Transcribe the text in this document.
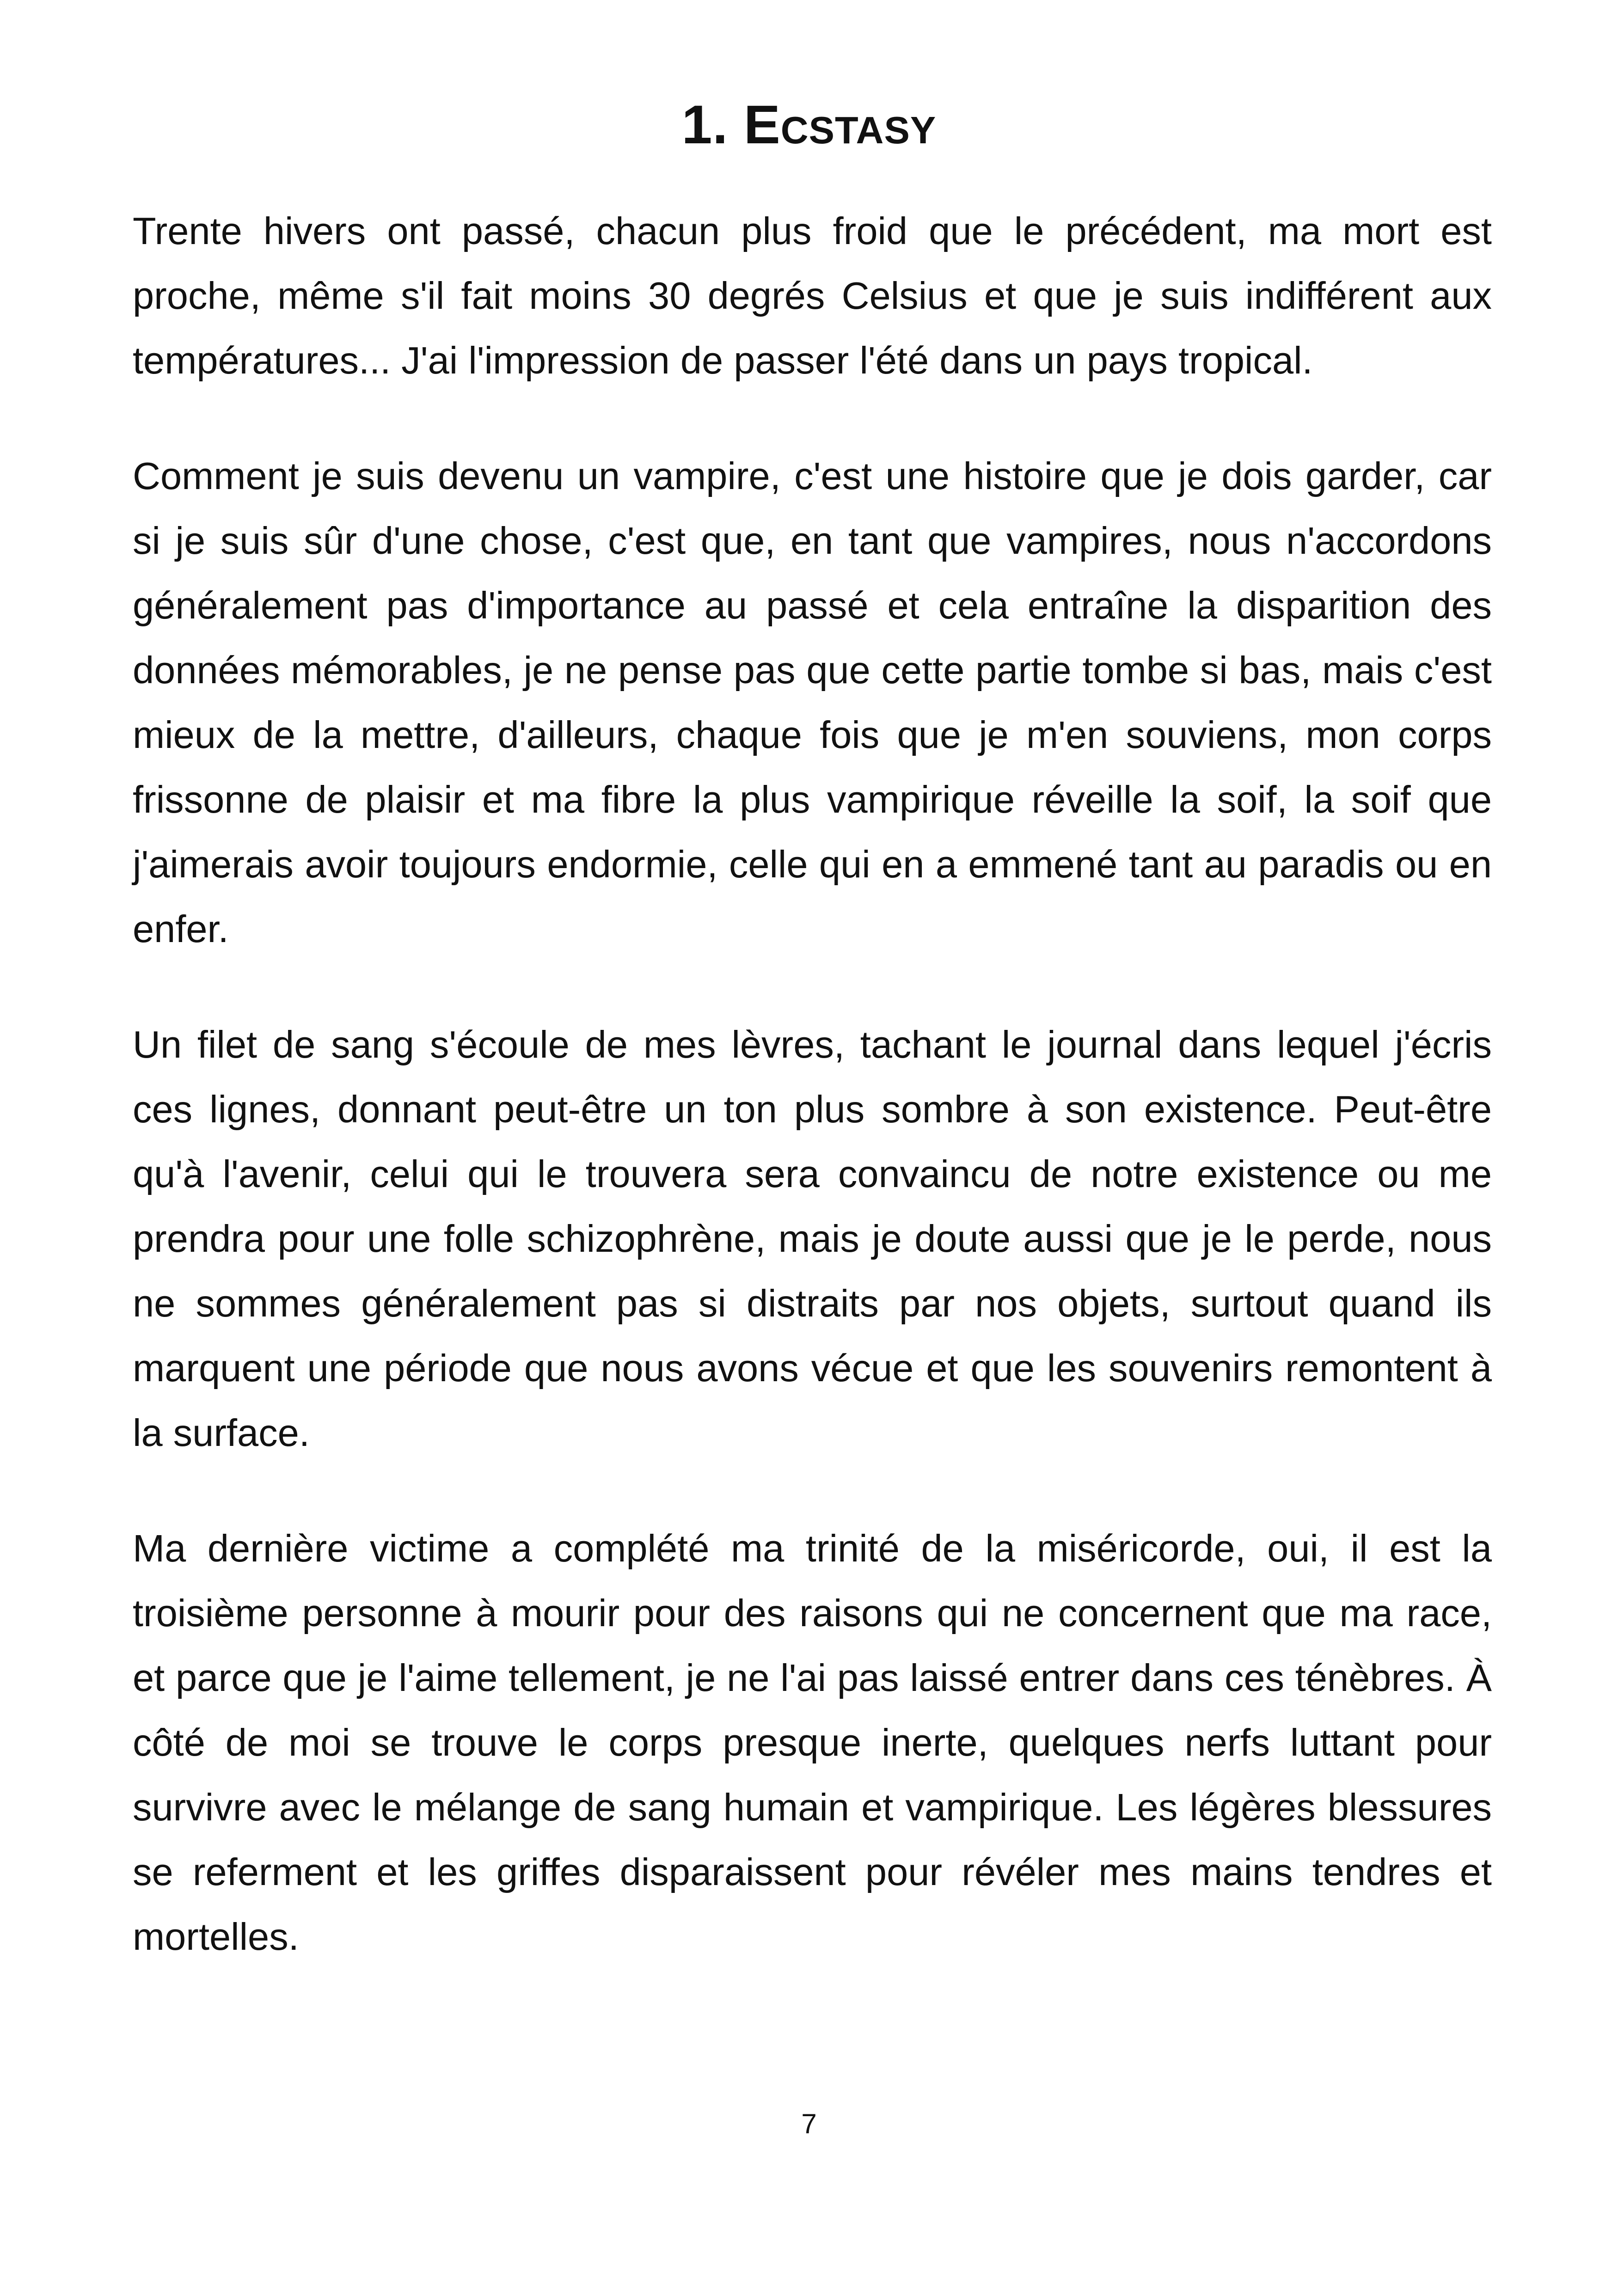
1. Ecstasy

Trente hivers ont passé, chacun plus froid que le précédent, ma mort est proche, même s'il fait moins 30 degrés Celsius et que je suis indifférent aux températures... J'ai l'impression de passer l'été dans un pays tropical.

Comment je suis devenu un vampire, c'est une histoire que je dois garder, car si je suis sûr d'une chose, c'est que, en tant que vampires, nous n'accordons généralement pas d'importance au passé et cela entraîne la disparition des données mémorables, je ne pense pas que cette partie tombe si bas, mais c'est mieux de la mettre, d'ailleurs, chaque fois que je m'en souviens, mon corps frissonne de plaisir et ma fibre la plus vampirique réveille la soif, la soif que j'aimerais avoir toujours endormie, celle qui en a emmené tant au paradis ou en enfer.

Un filet de sang s'écoule de mes lèvres, tachant le journal dans lequel j'écris ces lignes, donnant peut-être un ton plus sombre à son existence. Peut-être qu'à l'avenir, celui qui le trouvera sera convaincu de notre existence ou me prendra pour une folle schizophrène, mais je doute aussi que je le perde, nous ne sommes généralement pas si distraits par nos objets, surtout quand ils marquent une période que nous avons vécue et que les souvenirs remontent à la surface.

Ma dernière victime a complété ma trinité de la miséricorde, oui, il est la troisième personne à mourir pour des raisons qui ne concernent que ma race, et parce que je l'aime tellement, je ne l'ai pas laissé entrer dans ces ténèbres. À côté de moi se trouve le corps presque inerte, quelques nerfs luttant pour survivre avec le mélange de sang humain et vampirique. Les légères blessures se referment et les griffes disparaissent pour révéler mes mains tendres et mortelles.

7
